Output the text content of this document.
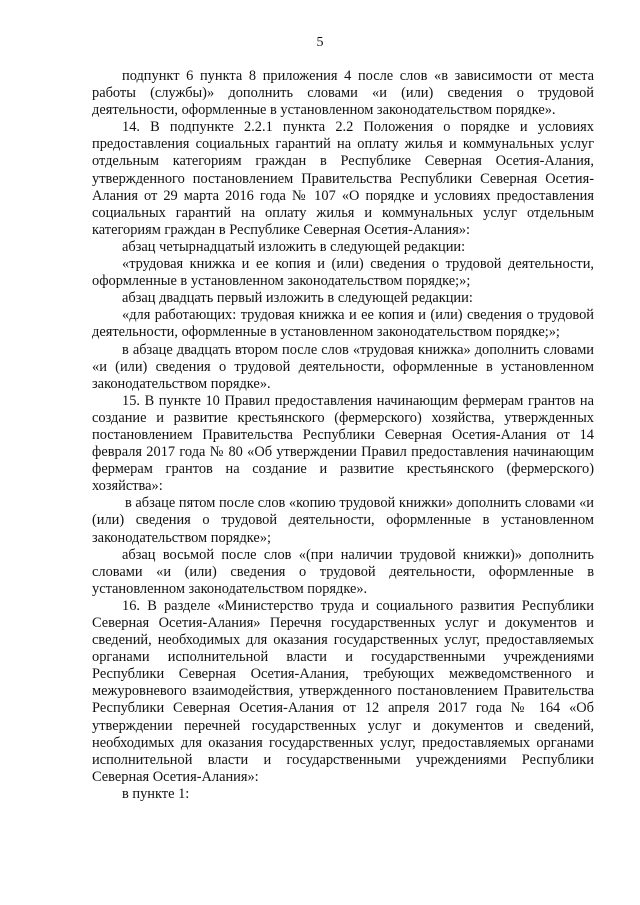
5

подпункт 6 пункта 8 приложения 4 после слов «в зависимости от места работы (службы)» дополнить словами «и (или) сведения о трудовой деятельности, оформленные в установленном законодательством порядке».

14. В подпункте 2.2.1 пункта 2.2 Положения о порядке и условиях предоставления социальных гарантий на оплату жилья и коммунальных услуг отдельным категориям граждан в Республике Северная Осетия-Алания, утвержденного постановлением Правительства Республики Северная Осетия-Алания от 29 марта 2016 года № 107 «О порядке и условиях предоставления социальных гарантий на оплату жилья и коммунальных услуг отдельным категориям граждан в Республике Северная Осетия-Алания»:

абзац четырнадцатый изложить в следующей редакции:

«трудовая книжка и ее копия и (или) сведения о трудовой деятельности, оформленные в установленном законодательством порядке;»;

абзац двадцать первый изложить в следующей редакции:

«для работающих: трудовая книжка и ее копия и (или) сведения о трудовой деятельности, оформленные в установленном законодательством порядке;»;

в абзаце двадцать втором после слов «трудовая книжка» дополнить словами «и (или) сведения о трудовой деятельности, оформленные в установленном законодательством порядке».

15. В пункте 10 Правил предоставления начинающим фермерам грантов на создание и развитие крестьянского (фермерского) хозяйства, утвержденных постановлением Правительства Республики Северная Осетия-Алания от 14 февраля 2017 года № 80 «Об утверждении Правил предоставления начинающим фермерам грантов на создание и развитие крестьянского (фермерского) хозяйства»:

в абзаце пятом после слов «копию трудовой книжки» дополнить словами «и (или) сведения о трудовой деятельности, оформленные в установленном законодательством порядке»;

абзац восьмой после слов «(при наличии трудовой книжки)» дополнить словами «и (или) сведения о трудовой деятельности, оформленные в установленном законодательством порядке».

16. В разделе «Министерство труда и социального развития Республики Северная Осетия-Алания» Перечня государственных услуг и документов и сведений, необходимых для оказания государственных услуг, предоставляемых органами исполнительной власти и государственными учреждениями Республики Северная Осетия-Алания, требующих межведомственного и межуровневого взаимодействия, утвержденного постановлением Правительства Республики Северная Осетия-Алания от 12 апреля 2017 года № 164 «Об утверждении перечней государственных услуг и документов и сведений, необходимых для оказания государственных услуг, предоставляемых органами исполнительной власти и государственными учреждениями Республики Северная Осетия-Алания»:

в пункте 1:
